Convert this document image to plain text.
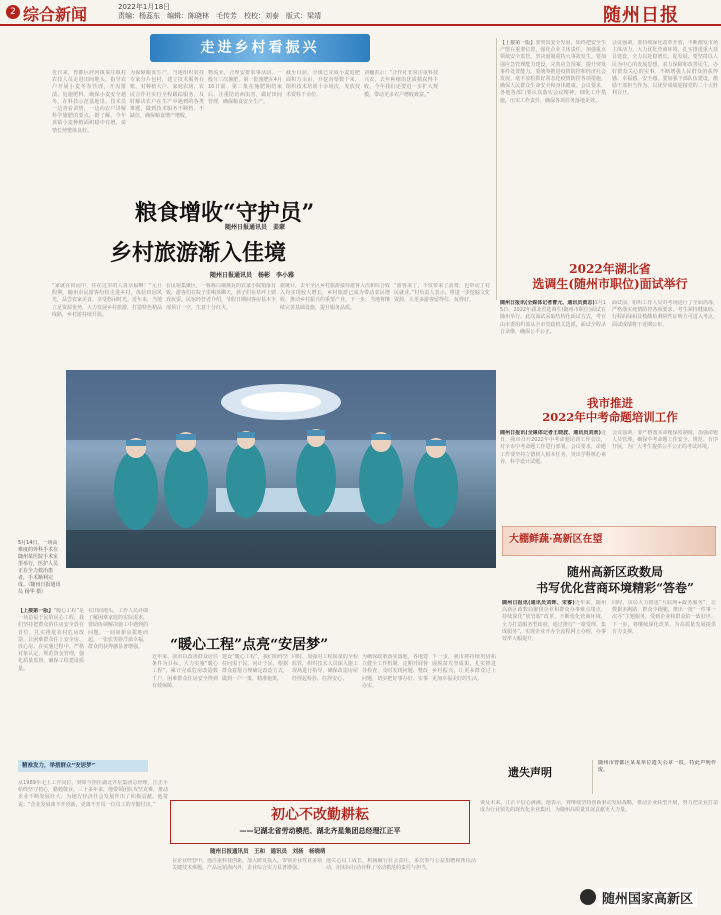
2 综合新闻	2022年1月18日
责编：杨蕊东　编辑：陈晓林　毛传芳　校校：刘泰　版式：梁靖	随州日报
走进乡村看振兴
近日来，曾都区府河镇秦庄镇村农技人员走进田间地头，指导农户开展小麦冬春管理，开沟排渍，追施肥料，确保小麦安全越冬。在科技示范基地里，技术员一边查看苗情，一边向农户讲解科学施肥的要点。据了解，今年该镇小麦种植面积稳中有增，苗情长势整体良好。
为保障粮食生产，当地组织农技专家分片包村，建立技术服务台账，对种植大户、家庭农场、农民合作社实行全程跟踪服务，及时解决农户在生产中遇到的各类难题，做到技术服务不断档、不缺位，确保粮食增产增收。
物流业，合理安排农事活动。一般分三次施肥，第一批施肥在4月10日前，第二批在施肥期结束后，注重防治病虫害，做好田间管理，确保粮食安全生产。
截至目前，全镇已完成小麦追肥面积万余亩，开挖沟渠数千米，组织技术培训十余场次，发放技术资料千余份。
刘巍表示：“合作社非常注重科技兴农，去年种植的优质稻获得丰收，今年我们还要进一步扩大规模，带动更多农户增收致富。”
粮食增收“守护员”
随州日报通讯员　姜蒙
乡村旅游渐入佳境
随州日报通讯员　杨彬　李小雅
“家就在田园中，住在这里的人真幸福啊！”元旦假期，随州市民游客纷纷走进乡村，体验田园风光，品尝农家美食，享受悠闲时光。近年来，当地立足资源优势，大力发展乡村旅游，打造特色精品线路，乡村游持续升温。
在民宿集聚区，一栋栋白墙黛瓦的农家小院错落有致，游客们在院子里喝茶聊天，孩子们在草坪上嬉戏玩耍。民宿经营者介绍，节假日期间客房基本全部预订一空，生意十分红火。
据统计，去年全区乡村旅游接待游客人次和综合收入均实现较大增长，乡村旅游已成为带动农民增收、推动乡村振兴的重要产业。下一步，当地将继续完善基础设施，提升服务品质。
“游客来了，不仅带来了消费，也带动了村民就业。”村负责人表示，将进一步挖掘文化资源，让更多游客留得住、玩得好。
【上接第一版】要突出安全发展，始终把安全生产摆在重要位置，强化企业主体责任，加强重点领域安全监管，坚决遏制重特大事故发生。要加强应急管理能力建设，完善应急预案，提升突发事件处置能力。要统筹推进疫情防控和经济社会发展，毫不放松抓好常态化疫情防控各项措施，确保人民群众生命安全和身体健康。会议要求，各地各部门要认真落实会议精神，细化工作措施，压实工作责任，确保各项任务落地见效。
会议强调，要持续深化改革开放，不断激发市场主体活力，大力优化营商环境，扎实推进重大项目建设，全力以赴稳增长、促发展。要坚持以人民为中心的发展思想，着力保障和改善民生，办好群众关心的实事，不断增强人民群众的获得感、幸福感、安全感。要加强干部队伍建设，激励干部担当作为，以优异成绩迎接党的二十大胜利召开。
2022年湖北省
选调生(随州市职位)面试举行
随州日报讯(全媒体记者曹元、通讯员黄志)1月15日，2022年湖北省选调生(随州市职位)面试在随州举行。此次面试采取结构化面试方式，考官由市委组织部从全市党政机关选派，面试全程录音录像，确保公平公正。
面试前，组织工作人员对考场进行了全面消毒，严格落实疫情防控各项要求。考生须持健康码、行程码绿码及核酸检测阴性证明方可进入考点。面试成绩将于近期公布。
我市推进
2022年中考命题培训工作
随州日报讯(全媒体记者王晓波、通讯员刘欢)近日，我市召开2022年中考命题培训工作会议，对全市中考命题工作进行部署。会议要求，命题工作要坚持立德树人根本任务，突出学科核心素养，科学设计试题。
会议强调，要严格落实命题保密制度，加强命题人员管理，确保中考命题工作安全、规范、有序开展，为广大考生提供公平公正的考试环境。
5月14日，一场高难度的外科手术在随州某医院手术室里举行，医护人员正在全力救治患者，手术顺利完成。（随州日报通讯员 杨华 摄）
【上接第一版】“暖心工程”是一项造福于民的民心工程，我们坚持把群众的住房安全放在首位，扎实推进农村危房改造，让困难群众住上安全房、放心房。在实施过程中，严格对象认定，规范资金管理，强化质量监督，确保工程建设质量。
在田间地头，工作人员详细了解困难家庭的实际需求，帮助协调解决施工中遇到的问题。一间间新房拔地而起，一张张笑脸洋溢幸福，群众的获得感显著增强。
精准发力，举措群众“安居梦”
“暖心工程”点亮“安居梦”
近年来，我市以改善群众居住条件为目标，大力实施“暖心工程”，累计完成危房改造数千户，困难群众住房安全得到有效保障。
建设“暖心工程”，我们始终坚持问需于民、问计于民，根据群众意愿合理确定改造方式，做到一户一策、精准施策。
同时，加强对工程质量的全程监管，组织技术人员深入施工现场进行指导，确保改造房屋经得起检验、住得安心。
为确保政策落实落地，各地建立健全工作机制，定期开展督导检查，及时发现问题、整改问题，切实把好事办好、实事办实。
下一步，我市将持续巩固拓展脱贫攻坚成果，扎实推进乡村振兴，让更多群众过上更加幸福美好的生活。
大棚鲜蔬·高新区在望
随州高新区政数局
书写优化营商环境精彩“答卷”
随州日报讯(通讯员刘晖、宋睿)近年来，随州高新区政数局聚焦企业和群众办事难点堵点，持续深化“放管服”改革，不断优化营商环境，全力打造服务型政府。通过推行“一窗受理、集成服务”，实现企业开办全流程网上办理，办事效率大幅提升。
同时，该局大力推进“互联网+政务服务”，让数据多跑路、群众少跑腿，推出一批“一件事一次办”主题服务，受到企业和群众的一致好评。下一步，将继续深化改革，为高质量发展提供有力支撑。
遗失声明
随州市曾都区某某单位遗失公章一枚，特此声明作废。
从1989年走上工作岗位，到如今担任湖北齐星集团总经理，江正平始终坚守初心，勤勉敬业。三十多年来，他带领团队攻坚克难，推动企业不断发展壮大，为地方经济社会发展作出了积极贡献。他常说：“企业发展离不开创新，更离不开每一位员工的辛勤付出。”
初心不改勤耕耘
——记湖北省劳动模范、湖北齐星集团总经理江正平
随州日报通讯员　王和　通讯员　刘扬　杨晓萌
在企业经营中，他注重科技创新，加大研发投入，带领企业攻克多项关键技术难题，产品远销海内外，企业综合实力显著增强。
他关心员工成长，积极履行社会责任，多次参与公益捐赠和帮扶活动，用实际行动诠释了劳动模范的责任与担当。
谈及未来，江正平信心满满。他表示，将继续坚持创新驱动发展战略，推动企业转型升级，努力把企业打造成为行业领先的现代化企业集团，为随州高质量发展贡献更大力量。
随州国家高新区
